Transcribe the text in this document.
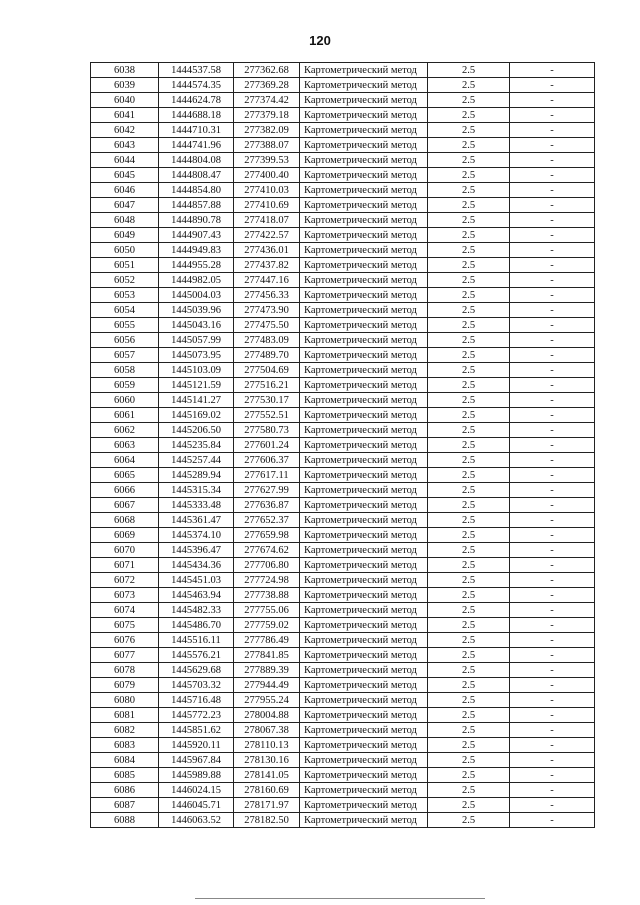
120
6038	1444537.58	277362.68	Картометрический метод	2.5	-
6039	1444574.35	277369.28	Картометрический метод	2.5	-
6040	1444624.78	277374.42	Картометрический метод	2.5	-
6041	1444688.18	277379.18	Картометрический метод	2.5	-
6042	1444710.31	277382.09	Картометрический метод	2.5	-
6043	1444741.96	277388.07	Картометрический метод	2.5	-
6044	1444804.08	277399.53	Картометрический метод	2.5	-
6045	1444808.47	277400.40	Картометрический метод	2.5	-
6046	1444854.80	277410.03	Картометрический метод	2.5	-
6047	1444857.88	277410.69	Картометрический метод	2.5	-
6048	1444890.78	277418.07	Картометрический метод	2.5	-
6049	1444907.43	277422.57	Картометрический метод	2.5	-
6050	1444949.83	277436.01	Картометрический метод	2.5	-
6051	1444955.28	277437.82	Картометрический метод	2.5	-
6052	1444982.05	277447.16	Картометрический метод	2.5	-
6053	1445004.03	277456.33	Картометрический метод	2.5	-
6054	1445039.96	277473.90	Картометрический метод	2.5	-
6055	1445043.16	277475.50	Картометрический метод	2.5	-
6056	1445057.99	277483.09	Картометрический метод	2.5	-
6057	1445073.95	277489.70	Картометрический метод	2.5	-
6058	1445103.09	277504.69	Картометрический метод	2.5	-
6059	1445121.59	277516.21	Картометрический метод	2.5	-
6060	1445141.27	277530.17	Картометрический метод	2.5	-
6061	1445169.02	277552.51	Картометрический метод	2.5	-
6062	1445206.50	277580.73	Картометрический метод	2.5	-
6063	1445235.84	277601.24	Картометрический метод	2.5	-
6064	1445257.44	277606.37	Картометрический метод	2.5	-
6065	1445289.94	277617.11	Картометрический метод	2.5	-
6066	1445315.34	277627.99	Картометрический метод	2.5	-
6067	1445333.48	277636.87	Картометрический метод	2.5	-
6068	1445361.47	277652.37	Картометрический метод	2.5	-
6069	1445374.10	277659.98	Картометрический метод	2.5	-
6070	1445396.47	277674.62	Картометрический метод	2.5	-
6071	1445434.36	277706.80	Картометрический метод	2.5	-
6072	1445451.03	277724.98	Картометрический метод	2.5	-
6073	1445463.94	277738.88	Картометрический метод	2.5	-
6074	1445482.33	277755.06	Картометрический метод	2.5	-
6075	1445486.70	277759.02	Картометрический метод	2.5	-
6076	1445516.11	277786.49	Картометрический метод	2.5	-
6077	1445576.21	277841.85	Картометрический метод	2.5	-
6078	1445629.68	277889.39	Картометрический метод	2.5	-
6079	1445703.32	277944.49	Картометрический метод	2.5	-
6080	1445716.48	277955.24	Картометрический метод	2.5	-
6081	1445772.23	278004.88	Картометрический метод	2.5	-
6082	1445851.62	278067.38	Картометрический метод	2.5	-
6083	1445920.11	278110.13	Картометрический метод	2.5	-
6084	1445967.84	278130.16	Картометрический метод	2.5	-
6085	1445989.88	278141.05	Картометрический метод	2.5	-
6086	1446024.15	278160.69	Картометрический метод	2.5	-
6087	1446045.71	278171.97	Картометрический метод	2.5	-
6088	1446063.52	278182.50	Картометрический метод	2.5	-
